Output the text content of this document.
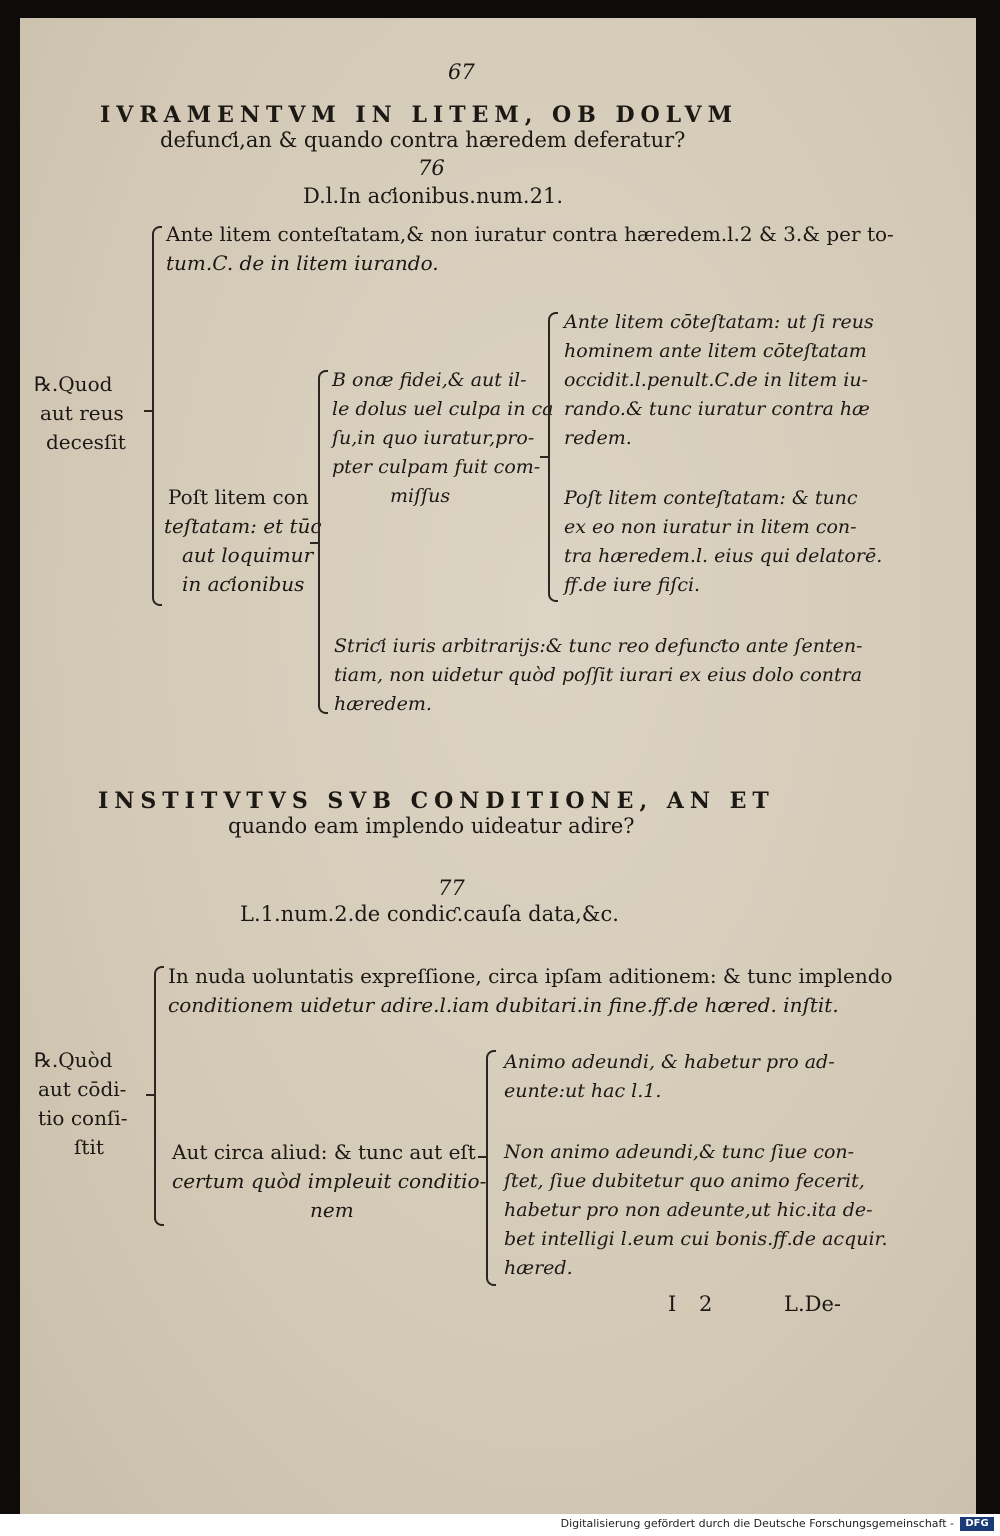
67
IVRAMENTVM IN LITEM, OB DOLVM
defunƈi,an & quando contra hæredem deferatur?
76
D.l.In aƈionibus.num.21.
℞.Quod
aut reus
decesſit
Ante litem conteſtatam,& non iuratur contra hæredem.l.2 & 3.& per to-
tum.C. de in litem iurando.
Poſt litem con
teſtatam: et tūc
aut loquimur
in aƈionibus
B onæ fidei,& aut il-
le dolus uel culpa in ca
ſu,in quo iuratur,pro-
pter culpam fuit com-
miſſus
Ante litem cōteſtatam: ut ſi reus
hominem ante litem cōteſtatam
occidit.l.penult.C.de in litem iu-
rando.& tunc iuratur contra hæ
redem.
Poſt litem conteſtatam: & tunc
ex eo non iuratur in litem con-
tra hæredem.l. eius qui delatorē.
ff.de iure fiſci.
Striƈi iuris arbitrarijs:& tunc reo defunƈto ante ſenten-
tiam, non uidetur quòd poſſit iurari ex eius dolo contra
hæredem.
INSTITVTVS SVB CONDITIONE, AN ET
quando eam implendo uideatur adire?
77
L.1.num.2.de condiƈ.cauſa data,&c.
℞.Quòd
aut cōdi-
tio conſi-
ſtit
In nuda uoluntatis expreſſione, circa ipſam aditionem: & tunc implendo
conditionem uidetur adire.l.iam dubitari.in fine.ff.de hæred. inſtit.
Aut circa aliud: & tunc aut eſt
certum quòd impleuit conditio-
nem
Animo adeundi, & habetur pro ad-
eunte:ut hac l.1.
Non animo adeundi,& tunc ſiue con-
ſtet, ſiue dubitetur quo animo fecerit,
habetur pro non adeunte,ut hic.ita de-
bet intelligi l.eum cui bonis.ff.de acquir.
hæred.
I 2	L.De-
Digitalisierung gefördert durch die Deutsche Forschungsgemeinschaft -	DFG
